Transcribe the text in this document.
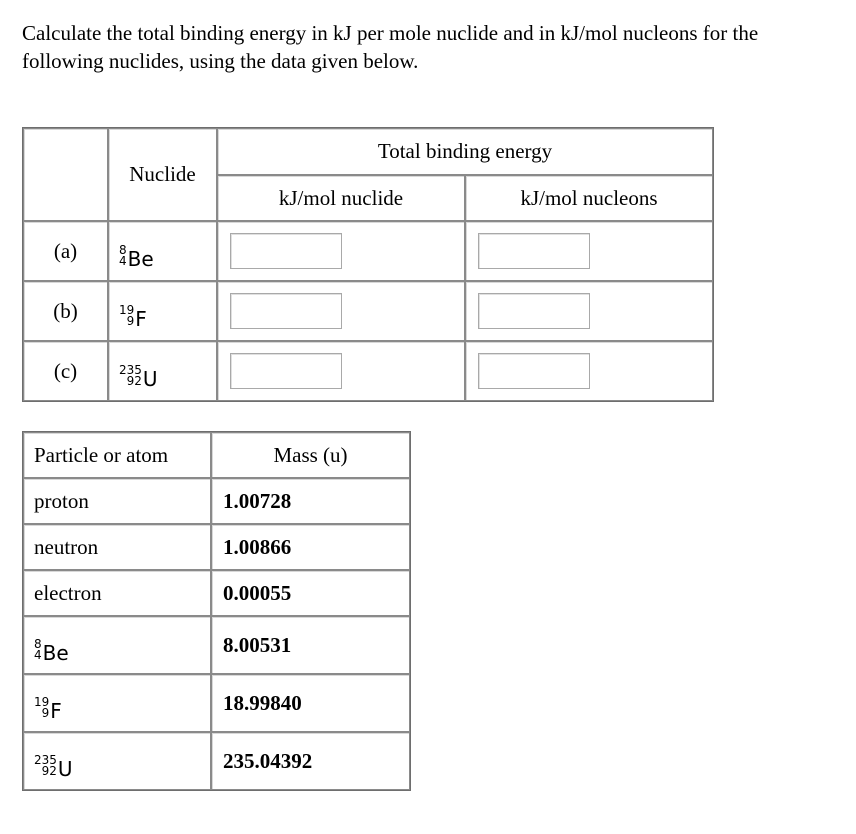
Calculate the total binding energy in kJ per mole nuclide and in kJ/mol nucleons for the following nuclides, using the data given below.
	Nuclide	Total binding energy	
		kJ/mol nuclide	kJ/mol nucleons
(a)	8
4 Be

(b)	19
9 F

(c)	235
92 U

Particle or atom	Mass (u)
proton	1.00728
neutron	1.00866
electron	0.00055

8
4 Be	8.00531

19
9 F	18.99840

235
92 U	235.04392
